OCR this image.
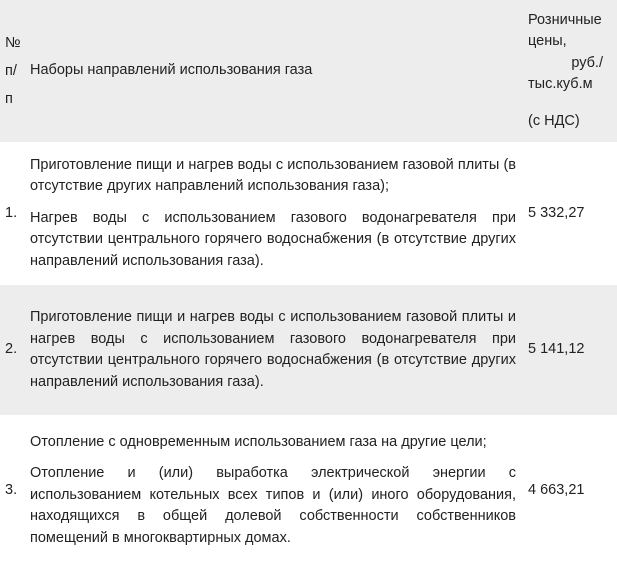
№
п/
п
Наборы направлений использования газа
Розничные
цены,
руб./
тыс.куб.м
(с НДС)
1.

Приготовление пищи и нагрев воды с использованием газовой плиты (в отсутствие других направлений использования газа);

Нагрев воды с использованием газового водонагревателя при отсутствии центрального горячего водоснабжения (в отсутствие других направлений использования газа).

5 332,27
2.

Приготовление пищи и нагрев воды с использованием газовой плиты и нагрев воды с использованием газового водонагревателя при отсутствии центрального горячего водоснабжения (в отсутствие других направлений использования газа).

5 141,12
3.

Отопление с одновременным использованием газа на другие цели;

Отопление и (или) выработка электрической энергии с использованием котельных всех типов и (или) иного оборудования, находящихся в общей долевой собственности собственников помещений в многоквартирных домах.

4 663,21
